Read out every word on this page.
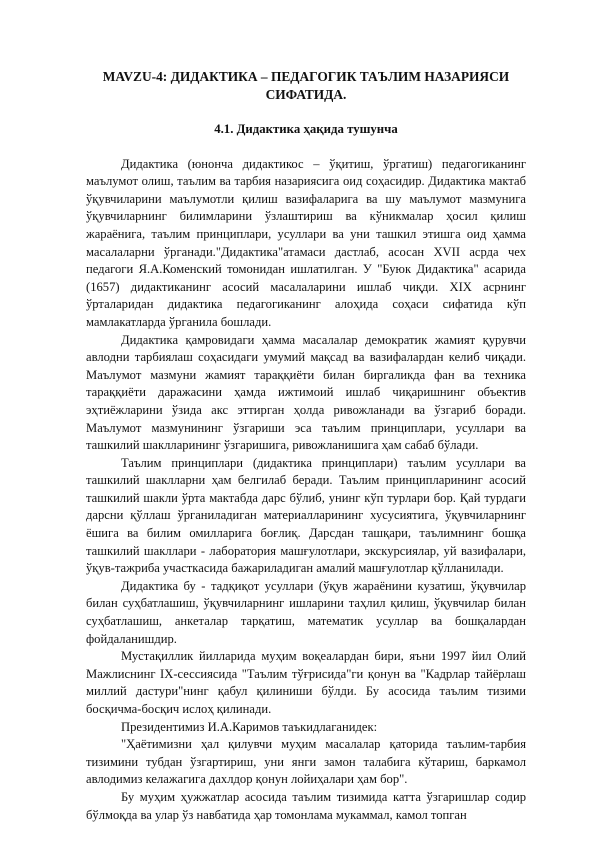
MAVZU-4: ДИДАКТИКА – ПЕДАГОГИК ТАЪЛИМ НАЗАРИЯСИ СИФАТИДА.
4.1. Дидактика ҳақида тушунча

Дидактика (юнонча дидактикос – ўқитиш, ўргатиш) педагогиканинг маълумот олиш, таълим ва тарбия назариясига оид соҳасидир. Дидактика мактаб ўқувчиларини маълумотли қилиш вазифаларига ва шу маълумот мазмунига ўқувчиларнинг билимларини ўзлаштириш ва кўникмалар ҳосил қилиш жараёнига, таълим принциплари, усуллари ва уни ташкил этишга оид ҳамма масалаларни ўрганади."Дидактика"атамаси дастлаб, асосан XVII асрда чех педагоги Я.А.Коменский томонидан ишлатилган. У "Буюк Дидактика" асарида (1657) дидактиканинг асосий масалаларини ишлаб чиқди. XIX асрнинг ўрталаридан дидактика педагогиканинг алоҳида соҳаси сифатида кўп мамлакатларда ўрганила бошлади.

Дидактика қамровидаги ҳамма масалалар демократик жамият қурувчи авлодни тарбиялаш соҳасидаги умумий мақсад ва вазифалардан келиб чиқади. Маълумот мазмуни жамият тараққиёти билан биргаликда фан ва техника тараққиёти даражасини ҳамда ижтимоий ишлаб чиқаришнинг объектив эҳтиёжларини ўзида акс эттирган ҳолда ривожланади ва ўзгариб боради. Маълумот мазмунининг ўзгариши эса таълим принциплари, усуллари ва ташкилий шаклларининг ўзгаришига, ривожланишига ҳам сабаб бўлади.

Таълим принциплари (дидактика принциплари) таълим усуллари ва ташкилий шаклларни ҳам белгилаб беради. Таълим принципларининг асосий ташкилий шакли ўрта мактабда дарс бўлиб, унинг кўп турлари бор. Қай турдаги дарсни қўллаш ўрганиладиган материалларининг хусусиятига, ўқувчиларнинг ёшига ва билим омилларига боғлиқ. Дарсдан ташқари, таълимнинг бошқа ташкилий шакллари - лаборатория машғулотлари, экскурсиялар, уй вазифалари, ўқув-тажриба участкасида бажариладиган амалий машғулотлар қўлланилади.

Дидактика бу - тадқиқот усуллари (ўқув жараёнини кузатиш, ўқувчилар билан суҳбатлашиш, ўқувчиларнинг ишларини таҳлил қилиш, ўқувчилар билан суҳбатлашиш, анкеталар тарқатиш, математик усуллар ва бошқалардан фойдаланишдир.

Мустақиллик йилларида муҳим воқеалардан бири, яъни 1997 йил Олий Мажлиснинг IX-сессиясида "Таълим тўғрисида"ги қонун ва "Кадрлар тайёрлаш миллий дастури"нинг қабул қилиниши бўлди. Бу асосида таълим тизими босқичма-босқич ислоҳ қилинади.

Президентимиз И.А.Каримов таъкидлаганидек:

"Ҳаётимизни ҳал қилувчи муҳим масалалар қаторида таълим-тарбия тизимини тубдан ўзгартириш, уни янги замон талабига кўтариш, баркамол авлодимиз келажагига дахлдор қонун лойиҳалари ҳам бор".

Бу муҳим ҳужжатлар асосида таълим тизимида катта ўзгаришлар содир бўлмоқда ва улар ўз навбатида ҳар томонлама мукаммал, камол топган
